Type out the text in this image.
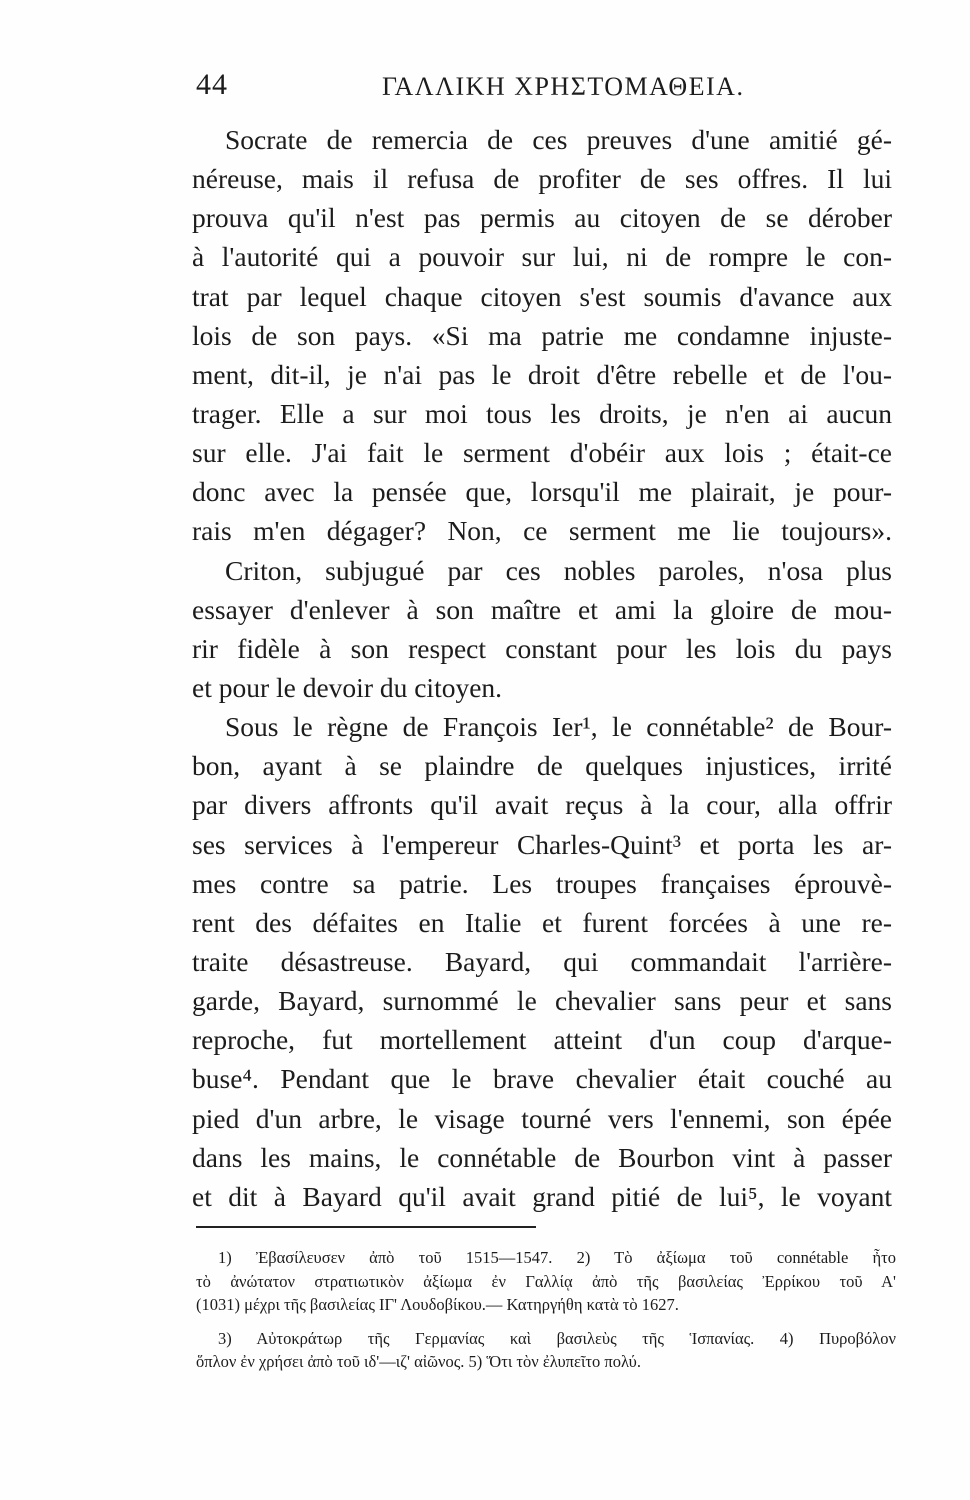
44	ΓΑΛΛΙΚΗ ΧΡΗΣΤΟΜΑΘΕΙΑ.
Socrate de remercia de ces preuves d'une amitié gé-
néreuse, mais il refusa de profiter de ses offres. Il lui
prouva qu'il n'est pas permis au citoyen de se dérober
à l'autorité qui a pouvoir sur lui, ni de rompre le con-
trat par lequel chaque citoyen s'est soumis d'avance aux
lois de son pays. «Si ma patrie me condamne injuste-
ment, dit-il, je n'ai pas le droit d'être rebelle et de l'ou-
trager. Elle a sur moi tous les droits, je n'en ai aucun
sur elle. J'ai fait le serment d'obéir aux lois ; était-ce
donc avec la pensée que, lorsqu'il me plairait, je pour-
rais m'en dégager? Non, ce serment me lie toujours».
Criton, subjugué par ces nobles paroles, n'osa plus
essayer d'enlever à son maître et ami la gloire de mou-
rir fidèle à son respect constant pour les lois du pays
et pour le devoir du citoyen.
Sous le règne de François Ier¹, le connétable² de Bour-
bon, ayant à se plaindre de quelques injustices, irrité
par divers affronts qu'il avait reçus à la cour, alla offrir
ses services à l'empereur Charles-Quint³ et porta les ar-
mes contre sa patrie. Les troupes françaises éprouvè-
rent des défaites en Italie et furent forcées à une re-
traite désastreuse. Bayard, qui commandait l'arrière-
garde, Bayard, surnommé le chevalier sans peur et sans
reproche, fut mortellement atteint d'un coup d'arque-
buse⁴. Pendant que le brave chevalier était couché au
pied d'un arbre, le visage tourné vers l'ennemi, son épée
dans les mains, le connétable de Bourbon vint à passer
et dit à Bayard qu'il avait grand pitié de lui⁵, le voyant
1) Ἐβασίλευσεν ἀπὸ τοῦ 1515—1547. 2) Τὸ ἀξίωμα τοῦ connétable ἦτο
τὸ ἀνώτατον στρατιωτικὸν ἀξίωμα ἐν Γαλλίᾳ ἀπὸ τῆς βασιλείας Ἐρρίκου τοῦ Α'
(1031) μέχρι τῆς βασιλείας ΙΓ' Λουδοβίκου.— Κατηργήθη κατὰ τὸ 1627.
3) Αὐτοκράτωρ τῆς Γερμανίας καὶ βασιλεὺς τῆς Ἱσπανίας. 4) Πυροβόλον
ὅπλον ἐν χρήσει ἀπὸ τοῦ ιδ'—ιζ' αἰῶνος. 5) Ὅτι τὸν ἐλυπεῖτο πολύ.
